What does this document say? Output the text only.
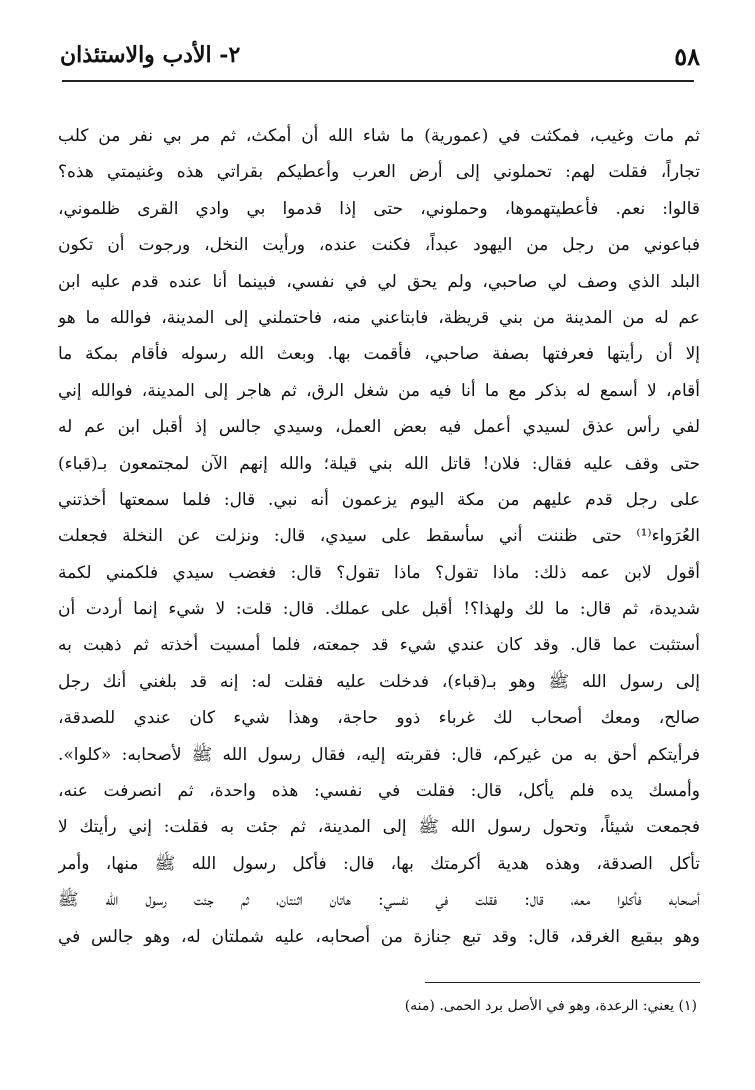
٥٨
٢- الأدب والاستئذان
ثم مات وغيب، فمكثت في (عمورية) ما شاء الله أن أمكث، ثم مر بي نفر من كلب
تجاراً، فقلت لهم: تحملوني إلى أرض العرب وأعطيكم بقراتي هذه وغنيمتي هذه؟
قالوا: نعم. فأعطيتهموها، وحملوني، حتى إذا قدموا بي وادي القرى ظلموني،
فباعوني من رجل من اليهود عبداً، فكنت عنده، ورأيت النخل، ورجوت أن تكون
البلد الذي وصف لي صاحبي، ولم يحق لي في نفسي، فبينما أنا عنده قدم عليه ابن
عم له من المدينة من بني قريظة، فابتاعني منه، فاحتملني إلى المدينة، فوالله ما هو
إلا أن رأيتها فعرفتها بصفة صاحبي، فأقمت بها. وبعث الله رسوله فأقام بمكة ما
أقام، لا أسمع له بذكر مع ما أنا فيه من شغل الرق، ثم هاجر إلى المدينة، فوالله إني
لفي رأس عذق لسيدي أعمل فيه بعض العمل، وسيدي جالس إذ أقبل ابن عم له
حتى وقف عليه فقال: فلان! قاتل الله بني قيلة؛ والله إنهم الآن لمجتمعون بـ(قباء)
على رجل قدم عليهم من مكة اليوم يزعمون أنه نبي. قال: فلما سمعتها أخذتني
العُرَواء⁽¹⁾ حتى ظننت أني سأسقط على سيدي، قال: ونزلت عن النخلة فجعلت
أقول لابن عمه ذلك: ماذا تقول؟ ماذا تقول؟ قال: فغضب سيدي فلكمني لكمة
شديدة، ثم قال: ما لك ولهذا؟! أقبل على عملك. قال: قلت: لا شيء إنما أردت أن
أستثبت عما قال. وقد كان عندي شيء قد جمعته، فلما أمسيت أخذته ثم ذهبت به
إلى رسول الله ﷺ وهو بـ(قباء)، فدخلت عليه فقلت له: إنه قد بلغني أنك رجل
صالح، ومعك أصحاب لك غرباء ذوو حاجة، وهذا شيء كان عندي للصدقة،
فرأيتكم أحق به من غيركم، قال: فقربته إليه، فقال رسول الله ﷺ لأصحابه: «كلوا».
وأمسك يده فلم يأكل، قال: فقلت في نفسي: هذه واحدة، ثم انصرفت عنه،
فجمعت شيئاً، وتحول رسول الله ﷺ إلى المدينة، ثم جئت به فقلت: إني رأيتك لا
تأكل الصدقة، وهذه هدية أكرمتك بها، قال: فأكل رسول الله ﷺ منها، وأمر
أصحابه فأكلوا معه، قال: فقلت في نفسي: هاتان اثنتان، ثم جئت رسول الله ﷺ
وهو ببقيع الغرقد، قال: وقد تبع جنازة من أصحابه، عليه شملتان له، وهو جالس في
(١) يعني: الرعدة، وهو في الأصل برد الحمى. (منه)
